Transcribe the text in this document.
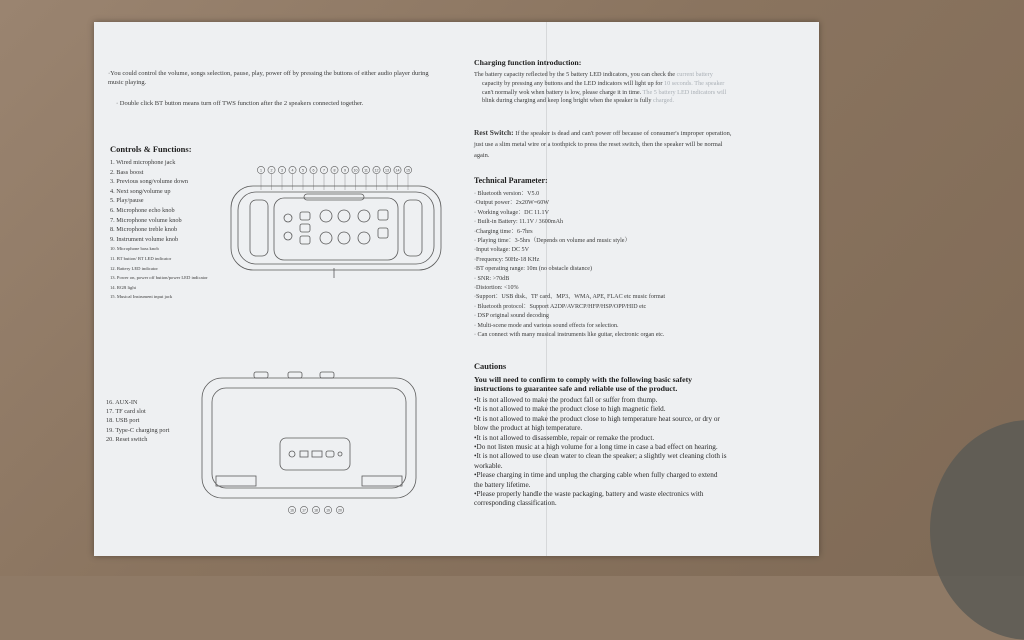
·You could control the volume, songs selection, pause, play, power off by pressing the buttons of either audio player during music playing.
· Double click BT button means turn off TWS function after the 2 speakers connected together.
Controls & Functions:
1. Wired microphone jack
2. Bass boost
3. Previous song/volume down
4. Next song/volume up
5. Play/pause
6. Microphone echo knob
7. Microphone volume knob
8. Microphone treble knob
9. Instrument volume knob
10. Microphone bass knob
11. BT button/ BT LED indicator
12. Battery LED indicator
13. Power on, power off button/power LED indicator
14. RGB light
15. Musical Instrument input jack
16. AUX-IN
17. TF card slot
18. USB port
19. Type-C charging port
20. Reset switch
1 2 3 4 5 6 7 8 9 10 11 12 13 14 15
16 17 18 19 20
Charging function introduction:
The battery capacity reflected by the 5 battery LED indicators, you can check the current battery
capacity by pressing any buttons and the LED indicators will light up for 10 seconds. The speaker
can't normally wok when battery is low, please charge it in time. The 5 battery LED indicators will
blink during charging and keep long bright when the speaker is fully charged.
Rest Switch: If the speaker is dead and can't power off because of consumer's improper operation,
just use a slim metal wire or a toothpick to press the reset switch, then the speaker will be normal
again.
Technical Parameter:
· Bluetooth version：V5.0
·Output power：2x20W=60W
· Working voltage：DC 11.1V
· Built-in Battery: 11.1V / 3600mAh
·Charging time：6-7hrs
· Playing time：3-5hrs（Depends on volume and music style）
·Input voltage: DC 5V
·Frequency: 50Hz-18 KHz
·BT operating range: 10m (no obstacle distance)
· SNR: >70dB
·Distortion: <10%
·Support：USB disk、TF card、MP3、WMA, APE, FLAC etc music format
· Bluetooth protocol：Support A2DP/AVRCP/HFP/HSP/OPP/HID etc
· DSP original sound decoding
· Multi-scene mode and various sound effects for selection.
· Can connect with many musical instruments like guitar, electronic organ etc.
Cautions
You will need to confirm to comply with the following basic safety
instructions to guarantee safe and reliable use of the product.
•It is not allowed to make the product fall or suffer from thump.
•It is not allowed to make the product close to high magnetic field.
•It is not allowed to make the product close to high temperature heat source, or dry or
blow the product at high temperature.
•It is not allowed to disassemble, repair or remake the product.
•Do not listen music at a high volume for a long time in case a bad effect on hearing.
•It is not allowed to use clean water to clean the speaker; a slightly wet cleaning cloth is
workable.
•Please charging in time and unplug the charging cable when fully charged to extend
the battery lifetime.
•Please properly handle the waste packaging, battery and waste electronics with
corresponding classification.
